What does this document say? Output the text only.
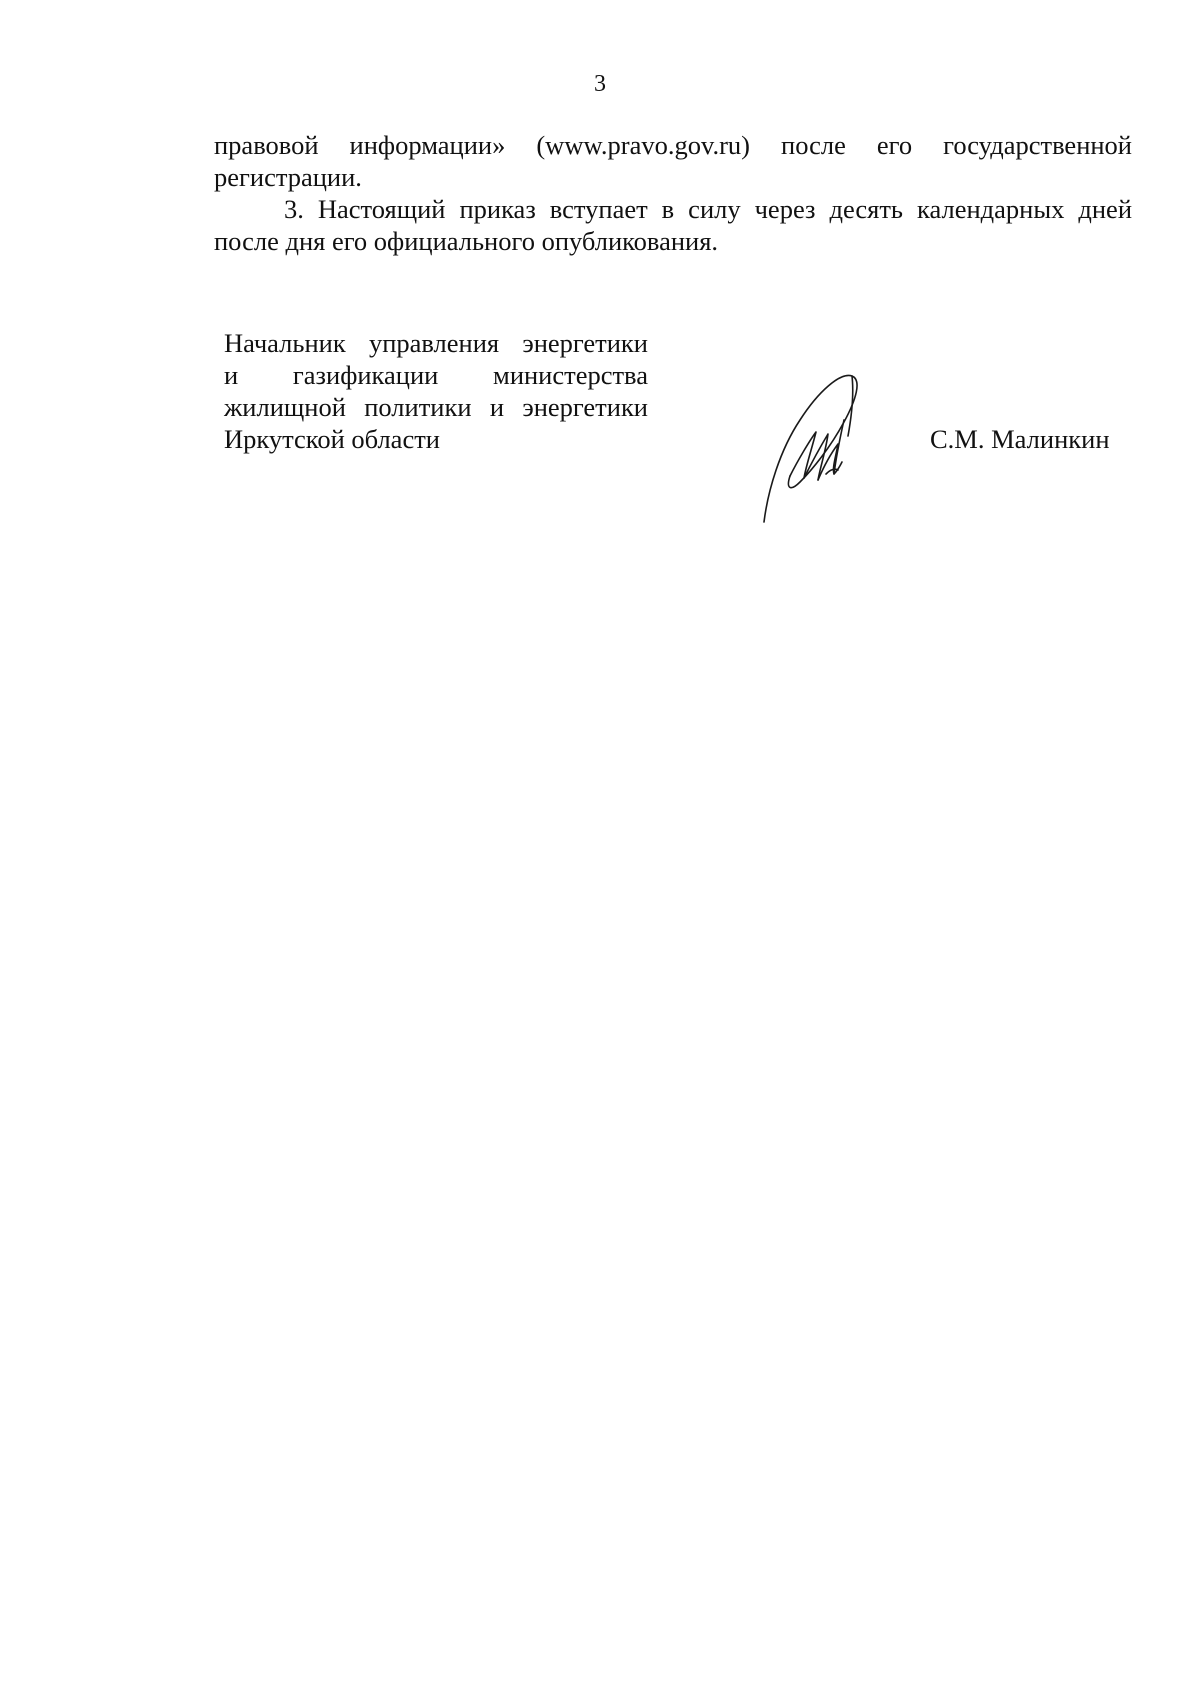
3

правовой информации» (www.pravo.gov.ru) после его государственной регистрации.

3. Настоящий приказ вступает в силу через десять календарных дней после дня его официального опубликования.

Начальник управления энергетики
и газификации министерства
жилищной политики и энергетики
Иркутской области	С.М. Малинкин
